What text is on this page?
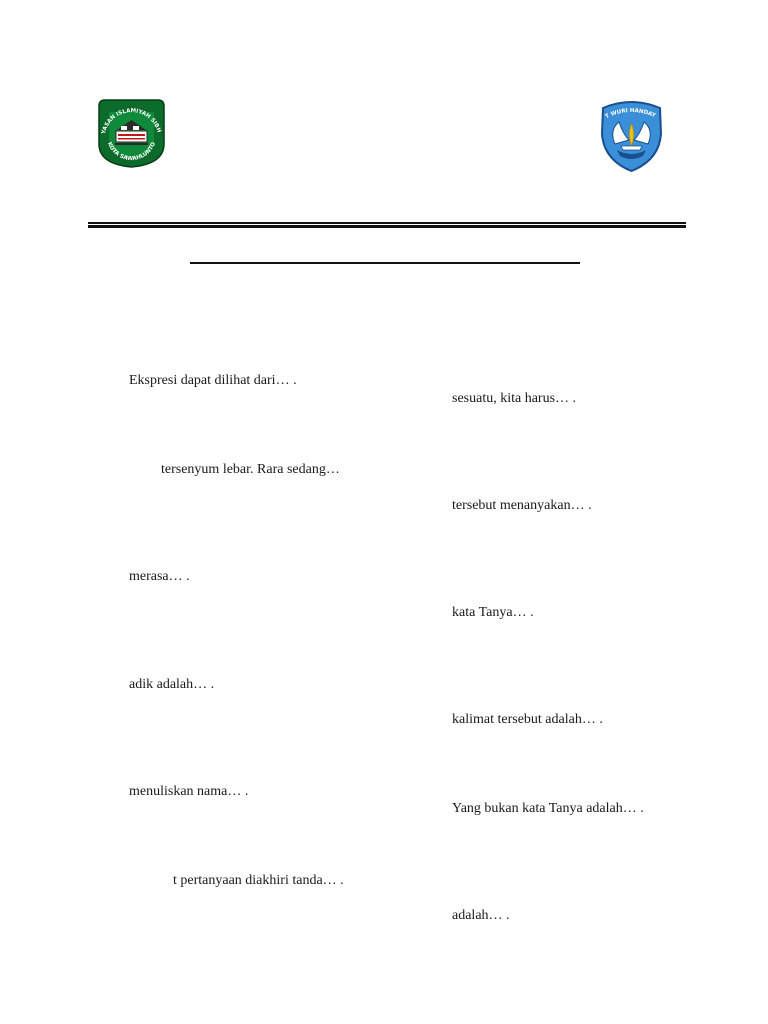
YASAN ISLAMIYAH SIBH
KOTA SAWAHLUNTO
T WURI HANDAY
Ekspresi dapat dilihat dari… .
tersenyum lebar. Rara sedang…
merasa… .
adik adalah… .
menuliskan nama… .
t pertanyaan diakhiri tanda… .
sesuatu, kita harus… .
tersebut menanyakan… .
kata Tanya… .
kalimat tersebut adalah… .
Yang bukan kata Tanya adalah… .
adalah… .
